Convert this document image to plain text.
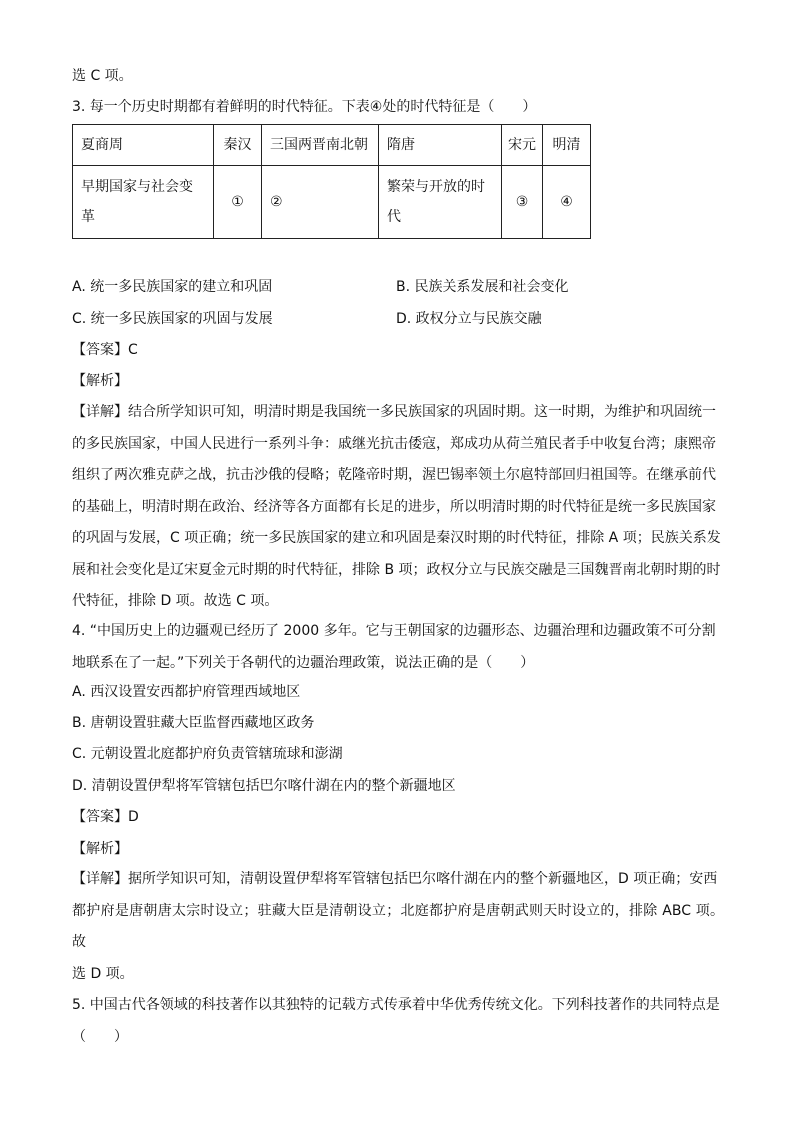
选 C 项。
3. 每一个历史时期都有着鲜明的时代特征。下表④处的时代特征是（　　）
夏商周	秦汉	三国两晋南北朝	隋唐	宋元	明清
早期国家与社会变革	①	②	繁荣与开放的时代	③	④
A. 统一多民族国家的建立和巩固	B. 民族关系发展和社会变化
C. 统一多民族国家的巩固与发展	D. 政权分立与民族交融
【答案】C
【解析】
【详解】结合所学知识可知，明清时期是我国统一多民族国家的巩固时期。这一时期，为维护和巩固统一
的多民族国家，中国人民进行一系列斗争：戚继光抗击倭寇，郑成功从荷兰殖民者手中收复台湾；康熙帝
组织了两次雅克萨之战，抗击沙俄的侵略；乾隆帝时期，渥巴锡率领土尔扈特部回归祖国等。在继承前代
的基础上，明清时期在政治、经济等各方面都有长足的进步，所以明清时期的时代特征是统一多民族国家
的巩固与发展，C 项正确；统一多民族国家的建立和巩固是秦汉时期的时代特征，排除 A 项；民族关系发
展和社会变化是辽宋夏金元时期的时代特征，排除 B 项；政权分立与民族交融是三国魏晋南北朝时期的时
代特征，排除 D 项。故选 C 项。
4. “中国历史上的边疆观已经历了 2000 多年。它与王朝国家的边疆形态、边疆治理和边疆政策不可分割
地联系在了一起。”下列关于各朝代的边疆治理政策，说法正确的是（　　）
A. 西汉设置安西都护府管理西域地区
B. 唐朝设置驻藏大臣监督西藏地区政务
C. 元朝设置北庭都护府负责管辖琉球和澎湖
D. 清朝设置伊犁将军管辖包括巴尔喀什湖在内的整个新疆地区
【答案】D
【解析】
【详解】据所学知识可知，清朝设置伊犁将军管辖包括巴尔喀什湖在内的整个新疆地区，D 项正确；安西
都护府是唐朝唐太宗时设立；驻藏大臣是清朝设立；北庭都护府是唐朝武则天时设立的，排除 ABC 项。故
选 D 项。
5. 中国古代各领域的科技著作以其独特的记载方式传承着中华优秀传统文化。下列科技著作的共同特点是
（　　）
